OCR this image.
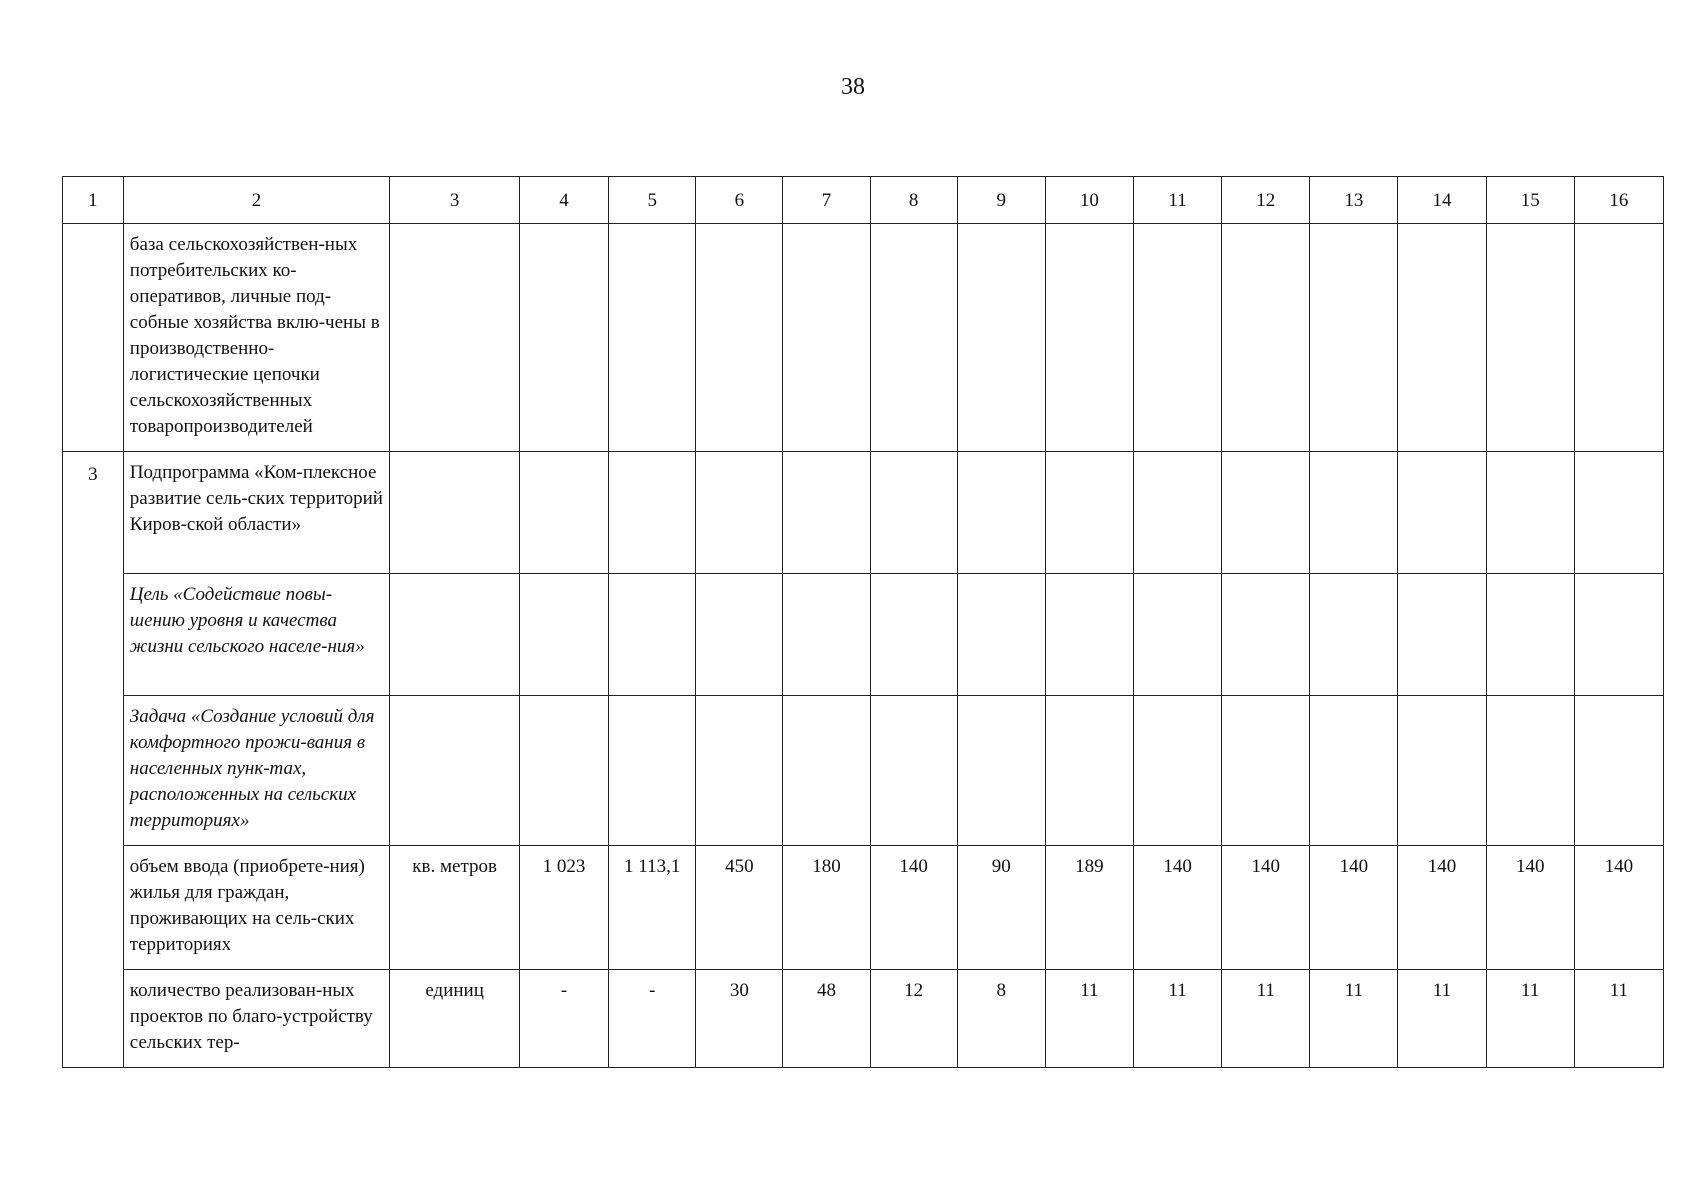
38
1	2	3	4	5	6	7	8	9	10	11	12	13	14	15	16
	база сельскохозяйствен-ных потребительских ко-оперативов, личные под-собные хозяйства вклю-чены в производственно-логистические цепочки сельскохозяйственных товаропроизводителей														
3	Подпрограмма «Ком-плексное развитие сель-ских территорий Киров-ской области»														
	Цель «Содействие повы-шению уровня и качества жизни сельского населе-ния»														
	Задача «Создание условий для комфортного прожи-вания в населенных пунк-тах, расположенных на сельских территориях»														
	объем ввода (приобрете-ния) жилья для граждан, проживающих на сель-ских территориях	кв. метров	1 023	1 113,1	450	180	140	90	189	140	140	140	140	140	140
	количество реализован-ных проектов по благо-устройству сельских тер-	единиц	-	-	30	48	12	8	11	11	11	11	11	11	11
